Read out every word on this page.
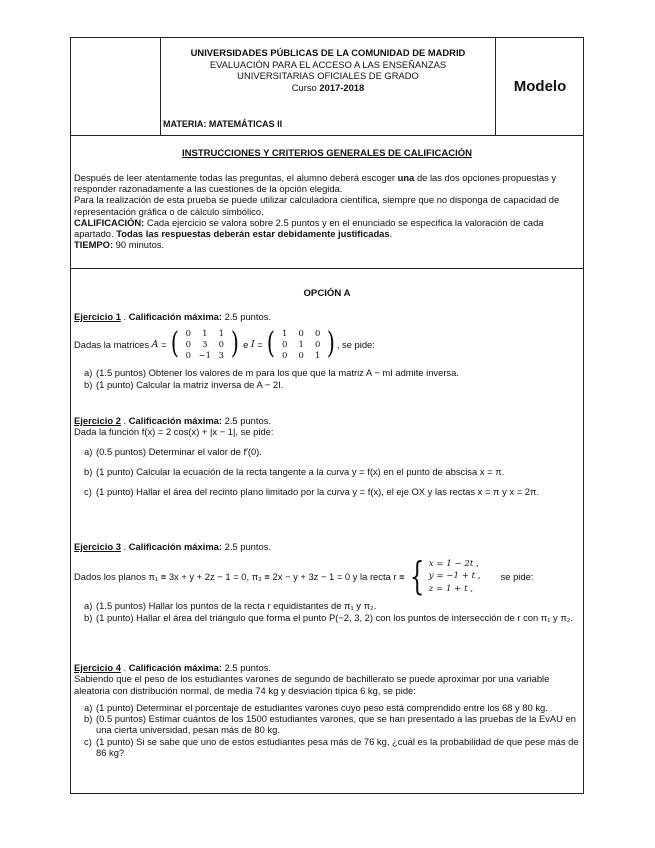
UNIVERSIDADES PÚBLICAS DE LA COMUNIDAD DE MADRID
EVALUACIÓN PARA EL ACCESO A LAS ENSEÑANZAS
UNIVERSITARIAS OFICIALES DE GRADO
Curso 2017-2018
MATERIA: MATEMÁTICAS II
Modelo
INSTRUCCIONES Y CRITERIOS GENERALES DE CALIFICACIÓN

Después de leer atentamente todas las preguntas, el alumno deberá escoger una de las dos opciones propuestas y responder razonadamente a las cuestiones de la opción elegida.

Para la realización de esta prueba se puede utilizar calculadora científica, siempre que no disponga de capacidad de representación gráfica o de cálculo simbólico.

CALIFICACIÓN: Cada ejercicio se valora sobre 2.5 puntos y en el enunciado se especifica la valoración de cada apartado. Todas las respuestas deberán estar debidamente justificadas.

TIEMPO: 90 minutos.

OPCIÓN A
Ejercicio 1 . Calificación máxima: 2.5 puntos.
Dadas la matrices
A = ( 0	1	1
0	3	0
0 −1 3 )
e
I = ( 1	0	0
0	1	0
0	0	1 ) , se pide:
a) (1.5 puntos) Obtener los valores de m para los que que la matriz A − mI admite inversa.
b) (1 punto) Calcular la matriz inversa de A − 2I.
Ejercicio 2 . Calificación máxima: 2.5 puntos.
Dada la función f(x) = 2 cos(x) + |x − 1|, se pide:
a) (0.5 puntos) Determinar el valor de f′(0).
b) (1 punto) Calcular la ecuación de la recta tangente a la curva y = f(x) en el punto de abscisa x = π.
c) (1 punto) Hallar el área del recinto plano limitado por la curva y = f(x), el eje OX y las rectas x = π y x = 2π.
Ejercicio 3 . Calificación máxima: 2.5 puntos.
Dados los planos π₁ ≡ 3x + y + 2z − 1 = 0, π₂ ≡ 2x − y + 3z − 1 = 0 y la recta r ≡ { x = 1 − 2t ,
y = −1 + t ,
z = 1 + t ,
se pide:
a) (1.5 puntos) Hallar los puntos de la recta r equidistantes de π₁ y π₂.
b) (1 punto) Hallar el área del triángulo que forma el punto P(−2, 3, 2) con los puntos de intersección de r con π₁ y π₂.
Ejercicio 4 . Calificación máxima: 2.5 puntos.
Sabiendo que el peso de los estudiantes varones de segundo de bachillerato se puede aproximar por una variable aleatoria con distribución normal, de media 74 kg y desviación típica 6 kg, se pide:
a) (1 punto) Determinar el porcentaje de estudiantes varones cuyo peso está comprendido entre los 68 y 80 kg.
b) (0.5 puntos) Estimar cuántos de los 1500 estudiantes varones, que se han presentado a las pruebas de la EvAU en una cierta universidad, pesan más de 80 kg.
c) (1 punto) Si se sabe que uno de estos estudiantes pesa más de 76 kg, ¿cuál es la probabilidad de que pese más de 86 kg?
